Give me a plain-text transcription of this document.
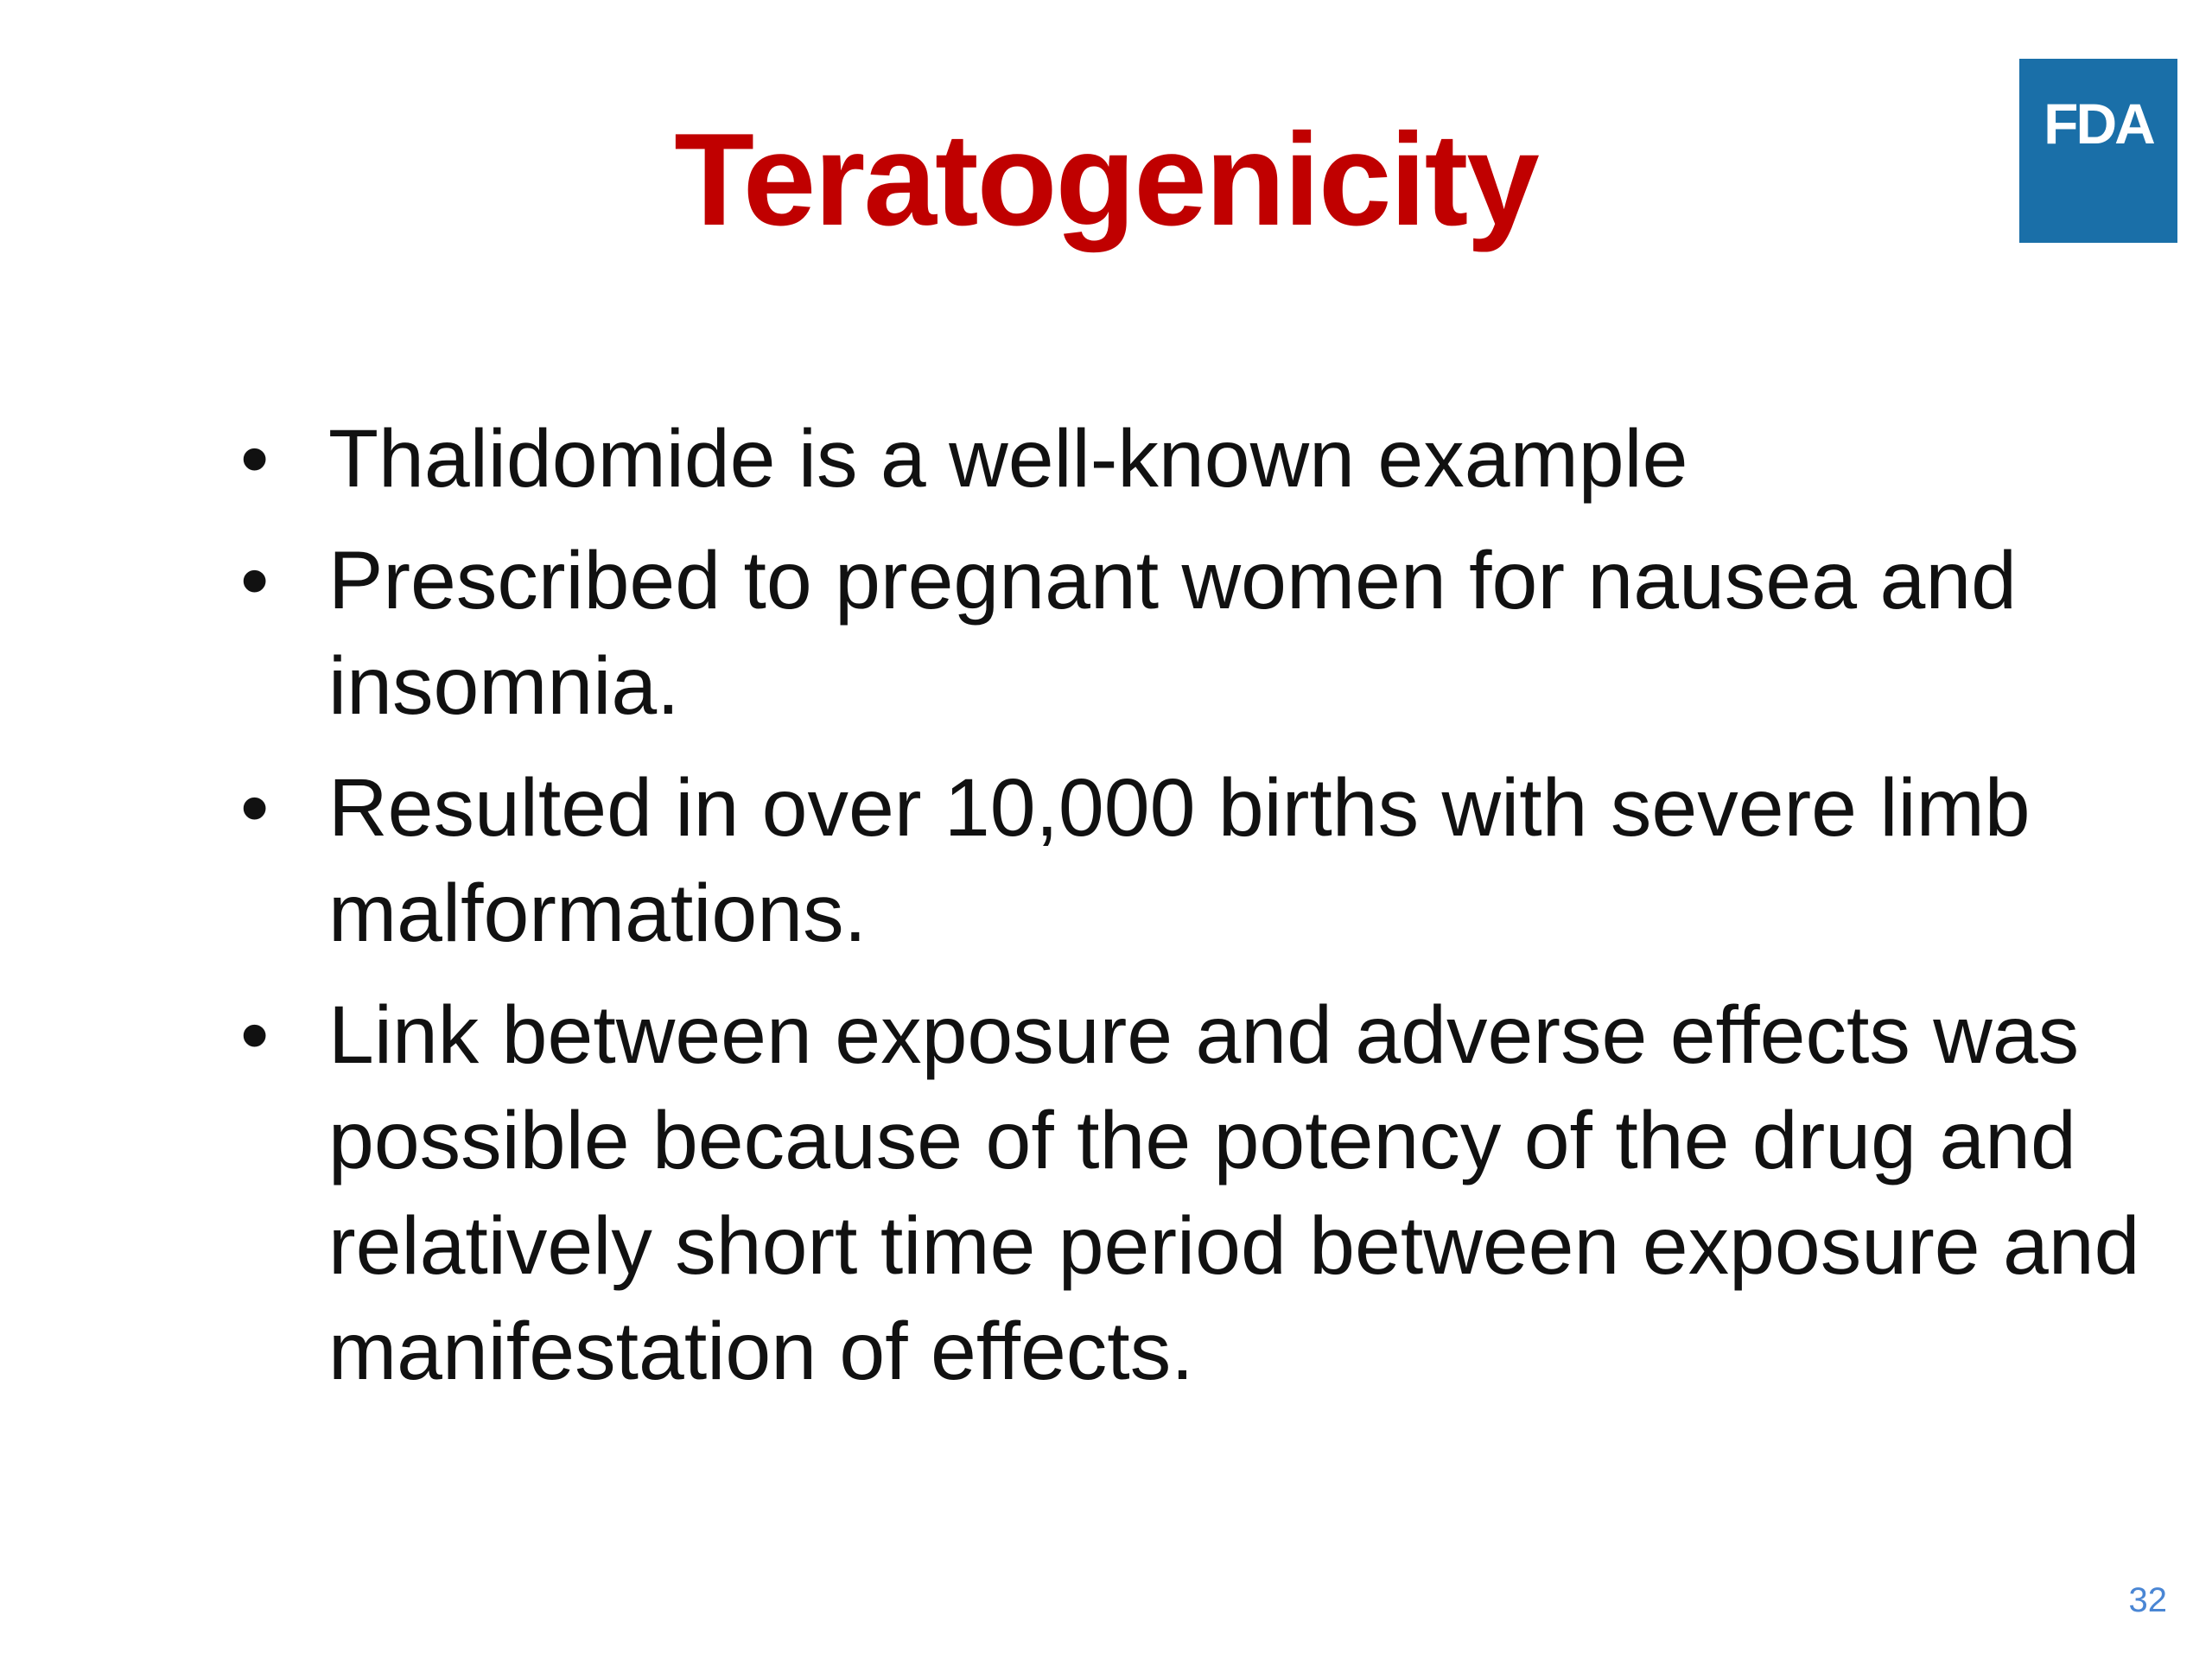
Teratogenicity	FDA
• Thalidomide is a well-known example
• Prescribed to pregnant women for nausea and insomnia.
• Resulted in over 10,000 births with severe limb malformations.
• Link between exposure and adverse effects was possible because of the potency of the drug and relatively short time period between exposure and manifestation of effects.
32
